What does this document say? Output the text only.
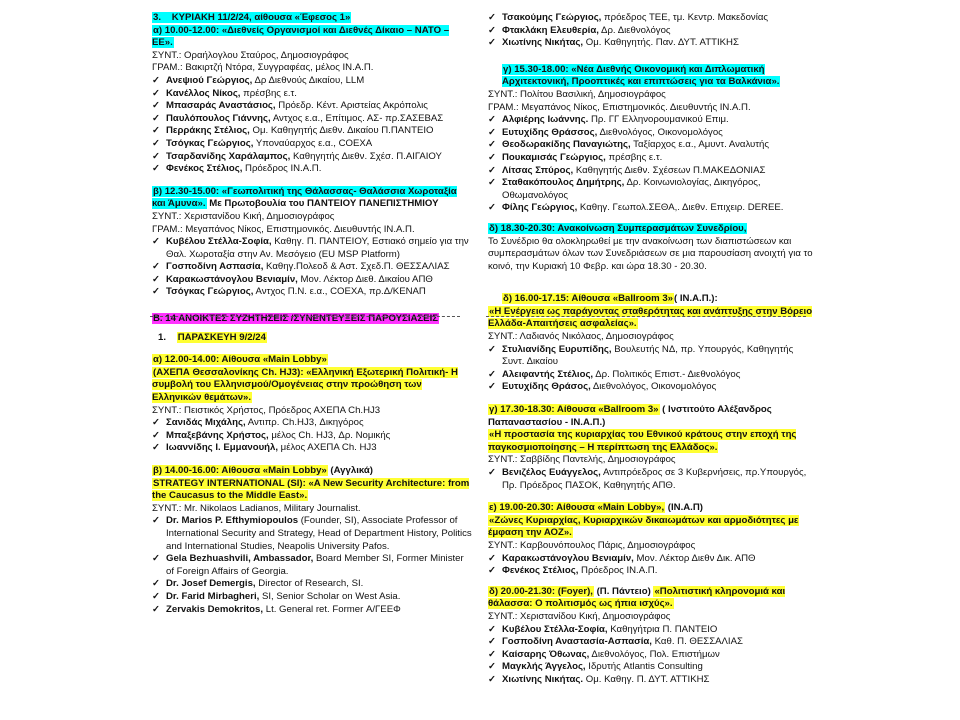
3. ΚΥΡΙΑΚΗ 11/2/24, αίθουσα «Έφεσος 1»
α) 10.00-12.00: «Διεθνείς Οργανισμοί και Διεθνές Δίκαιο – NATO – ΕΕ».
ΣΥΝΤ.: Οραήλογλου Σταύρος, Δημοσιογράφος
ΓΡΑΜ.: Βακιρτζή Ντόρα, Συγγραφέας, μέλος ΙΝ.Α.Π.
✓ Ανεψιού Γεώργιος, Δρ Διεθνούς Δικαίου, LLM
✓ Κανέλλος Νίκος, πρέσβης ε.τ.
✓ Μπασαράς Αναστάσιος, Πρόεδρ. Κέντ. Αριστείας Ακρόπολις
✓ Παυλόπουλος Γιάννης, Αντχος ε.α., Επίτιμος. ΑΣ- πρ.ΣΑΣΕΒΑΣ
✓ Περράκης Στέλιος, Ομ. Καθηγητής Διεθν. Δικαίου Π.ΠΑΝΤΕΙΟ
✓ Τσόγκας Γεώργιος, Υποναύαρχος ε.α., COEXA
✓ Τσαρδανίδης Χαράλαμπος, Καθηγητής Διεθν. Σχέσ. Π.ΑΙΓΑΙΟΥ
✓ Φενέκος Στέλιος, Πρόεδρος ΙΝ.Α.Π.
β) 12.30-15.00: «Γεωπολιτική της Θάλασσας- Θαλάσσια Χωροταξία και Άμυνα». Με Πρωτοβουλία του ΠΑΝΤΕΙΟΥ ΠΑΝΕΠΙΣΤΗΜΙΟΥ
ΣΥΝΤ.: Χεριστανίδου Κική, Δημοσιογράφος
ΓΡΑΜ.: Μεγαπάνος Νίκος, Επιστημονικός. Διευθυντής ΙΝ.Α.Π.
✓ Κυβέλου Στέλλα-Σοφία, Καθηγ. Π. ΠΑΝΤΕΙΟΥ, Εστιακό σημείο για την Θαλ. Χωροταξία στην Αν. Μεσόγειο (EU MSP Platform)
✓ Γοσποδίνη Ασπασία, Καθηγ.Πολεοδ & Αστ. Σχεδ.Π. ΘΕΣΣΑΛΙΑΣ
✓ Καρακωστάνογλου Βενιαμίν, Μον. Λέκτορ Διεθ. Δικαίου ΑΠΘ
✓ Τσόγκας Γεώργιος, Αντχος Π.Ν. ε.α., COEXA, πρ.Δ/ΚΕΝΑΠ
Β. 14 ΑΝΟΙΚΤΕΣ ΣΥΖΗΤΗΣΕΙΣ /ΣΥΝΕΝΤΕΥΞΕΙΣ ΠΑΡΟΥΣΙΑΣΕΙΣ
1. ΠΑΡΑΣΚΕΥΗ 9/2/24
α) 12.00-14.00: Αίθουσα «Main Lobby»
(ΑΧΕΠΑ Θεσσαλονίκης Ch. HJ3): «Ελληνική Εξωτερική Πολιτική- Η συμβολή του Ελληνισμού/Ομογένειας στην προώθηση των Ελληνικών θεμάτων».
ΣΥΝΤ.: Πειστικός Χρήστος, Πρόεδρος ΑΧΕΠΑ Ch.HJ3
✓ Σανιδάς Μιχάλης, Αντιπρ. Ch.HJ3, Δικηγόρος
✓ Μπαξεβάνης Χρήστος, μέλος Ch. HJ3, Δρ. Νομικής
✓ Ιωαννίδης Ι. Εμμανουήλ, μέλος ΑΧΕΠΑ Ch. HJ3
β) 14.00-16.00: Αίθουσα «Main Lobby» (Αγγλικά)
STRATEGY INTERNATIONAL (SI): «A New Security Architecture: from the Caucasus to the Middle East».
ΣΥΝΤ.: Mr. Nikolaos Ladianos, Military Journalist.
✓ Dr. Marios P. Efthymiopoulos (Founder, SI), Associate Professor of International Security and Strategy, Head of Department History, Politics and International Studies, Neapolis University Pafos.
✓ Gela Bezhuashvili, Ambassador, Board Member SI, Former Minister of Foreign Affairs of Georgia.
✓ Dr. Josef Demergis, Director of Research, SI.
✓ Dr. Farid Mirbagheri, SI, Senior Scholar on West Asia.
✓ Zervakis Demokritos, Lt. General ret. Former Α/ΓΕΕΦ
✓ Τσακούμης Γεώργιος, πρόεδρος ΤΕΕ, τμ. Κεντρ. Μακεδονίας
✓ Φτακλάκη Ελευθερία, Δρ. Διεθνολόγος
✓ Χιωτίνης Νικήτας, Ομ. Καθηγητής. Παν. ΔΥΤ. ΑΤΤΙΚΗΣ
γ) 15.30-18.00: «Νέα Διεθνής Οικονομική και Διπλωματική Αρχιτεκτονική, Προοπτικές και επιπτώσεις για τα Βαλκάνια».
ΣΥΝΤ.: Πολίτου Βασιλική, Δημοσιογράφος
ΓΡΑΜ.: Μεγαπάνος Νίκος, Επιστημονικός. Διευθυντής ΙΝ.Α.Π.
✓ Αλφιέρης Ιωάννης. Πρ. ΓΓ Ελληνορουμανικού Επιμ.
✓ Ευτυχίδης Θράσσος, Διεθνολόγος, Οικονομολόγος
✓ Θεοδωρακίδης Παναγιώτης, Ταξίαρχος ε.α., Αμυντ. Αναλυτής
✓ Πουκαμισάς Γεώργιος, πρέσβης ε.τ.
✓ Λίτσας Σπύρος, Καθηγητής Διεθν. Σχέσεων Π.ΜΑΚΕΔΟΝΙΑΣ
✓ Σταθακόπουλος Δημήτρης, Δρ. Κοινωνιολογίας, Δικηγόρος, Οθωμανολόγος
✓ Φίλης Γεώργιος, Καθηγ. Γεωπολ.ΣΕΘΑ,. Διεθν. Επιχειρ. DEREE.
δ) 18.30-20.30: Ανακοίνωση Συμπερασμάτων Συνεδρίου,
Το Συνέδριο θα ολοκληρωθεί με την ανακοίνωση των διαπιστώσεων και συμπερασμάτων όλων των Συνεδριάσεων σε μια παρουσίαση ανοιχτή για το κοινό, την Κυριακή 10 Φεβρ. και ώρα 18.30 - 20.30.
δ) 16.00-17.15: Αίθουσα «Ballroom 3»( ΙΝ.Α.Π.):
«Η Ενέργεια ως παράγοντας σταθερότητας και ανάπτυξης στην Βόρειο Ελλάδα-Απαιτήσεις ασφαλείας».
ΣΥΝΤ.: Λαδιανός Νικόλαος, Δημοσιογράφος
✓ Στυλιανίδης Ευρυπίδης, Βουλευτής ΝΔ, πρ. Υπουργός, Καθηγητής Συντ. Δικαίου
✓ Αλειφαντής Στέλιος, Δρ. Πολιτικός Επιστ.- Διεθνολόγος
✓ Ευτυχίδης Θράσος, Διεθνολόγος, Οικονομολόγος
γ) 17.30-18.30: Αίθουσα «Ballroom 3» ( Ινστιτούτο Αλέξανδρος Παπαναστασίου - ΙΝ.Α.Π.)
«Η προστασία της κυριαρχίας του Εθνικού κράτους στην εποχή της παγκοσμιοποίησης – Η περίπτωση της Ελλάδος».
ΣΥΝΤ.: Σαββίδης Παντελής, Δημοσιογράφος
✓ Βενιζέλος Ευάγγελος, Αντιπρόεδρος σε 3 Κυβερνήσεις, πρ.Υπουργός, Πρ. Πρόεδρος ΠΑΣΟΚ, Καθηγητής ΑΠΘ.
ε) 19.00-20.30: Αίθουσα «Main Lobby», (ΙΝ.Α.Π)
«Ζώνες Κυριαρχίας, Κυριαρχικών δικαιωμάτων και αρμοδιότητες με έμφαση την ΑΟΖ».
ΣΥΝΤ.: Καρβουνόπουλος Πάρις, Δημοσιογράφος
✓ Καρακωστάνογλου Βενιαμίν, Μον. Λέκτορ Διεθν Δικ. ΑΠΘ
✓ Φενέκος Στέλιος, Πρόεδρος ΙΝ.Α.Π.
δ) 20.00-21.30: (Foyer), (Π. Πάντειο) «Πολιτιστική κληρονομιά και θάλασσα: Ο πολιτισμός ως ήπια ισχύς».
ΣΥΝΤ.: Χεριστανίδου Κική, Δημοσιογράφος
✓ Κυβέλου Στέλλα-Σοφία, Καθηγήτρια Π. ΠΑΝΤΕΙΟ
✓ Γοσποδίνη Αναστασία-Ασπασία, Καθ. Π. ΘΕΣΣΑΛΙΑΣ
✓ Καίσαρης Όθωνας, Διεθνολόγος, Πολ. Επιστήμων
✓ Μαγκλής Άγγελος, Ιδρυτής Atlantis Consulting
✓ Χιωτίνης Νικήτας. Ομ. Καθηγ. Π. ΔΥΤ. ΑΤΤΙΚΗΣ
